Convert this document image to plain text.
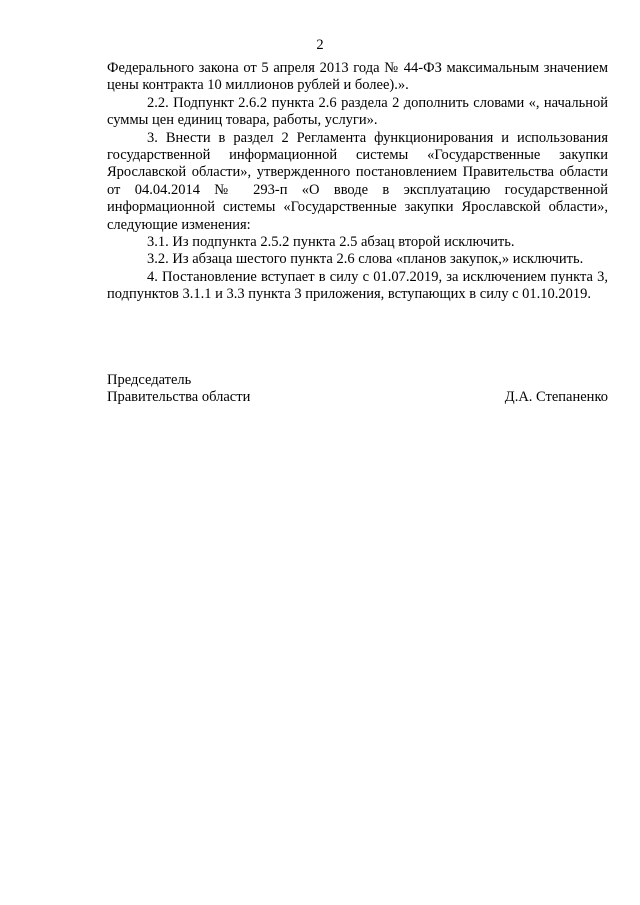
2

Федерального закона от 5 апреля 2013 года № 44-ФЗ максимальным значением цены контракта 10 миллионов рублей и более).».

2.2. Подпункт 2.6.2 пункта 2.6 раздела 2 дополнить словами «, начальной суммы цен единиц товара, работы, услуги».

3. Внести в раздел 2 Регламента функционирования и использования государственной информационной системы «Государственные закупки Ярославской области», утвержденного постановлением Правительства области от 04.04.2014 № 293-п «О вводе в эксплуатацию государственной информационной системы «Государственные закупки Ярославской области», следующие изменения:

3.1. Из подпункта 2.5.2 пункта 2.5 абзац второй исключить.

3.2. Из абзаца шестого пункта 2.6 слова «планов закупок,» исключить.

4. Постановление вступает в силу с 01.07.2019, за исключением пункта 3, подпунктов 3.1.1 и 3.3 пункта 3 приложения, вступающих в силу с 01.10.2019.

Председатель
Правительства области	Д.А. Степаненко
